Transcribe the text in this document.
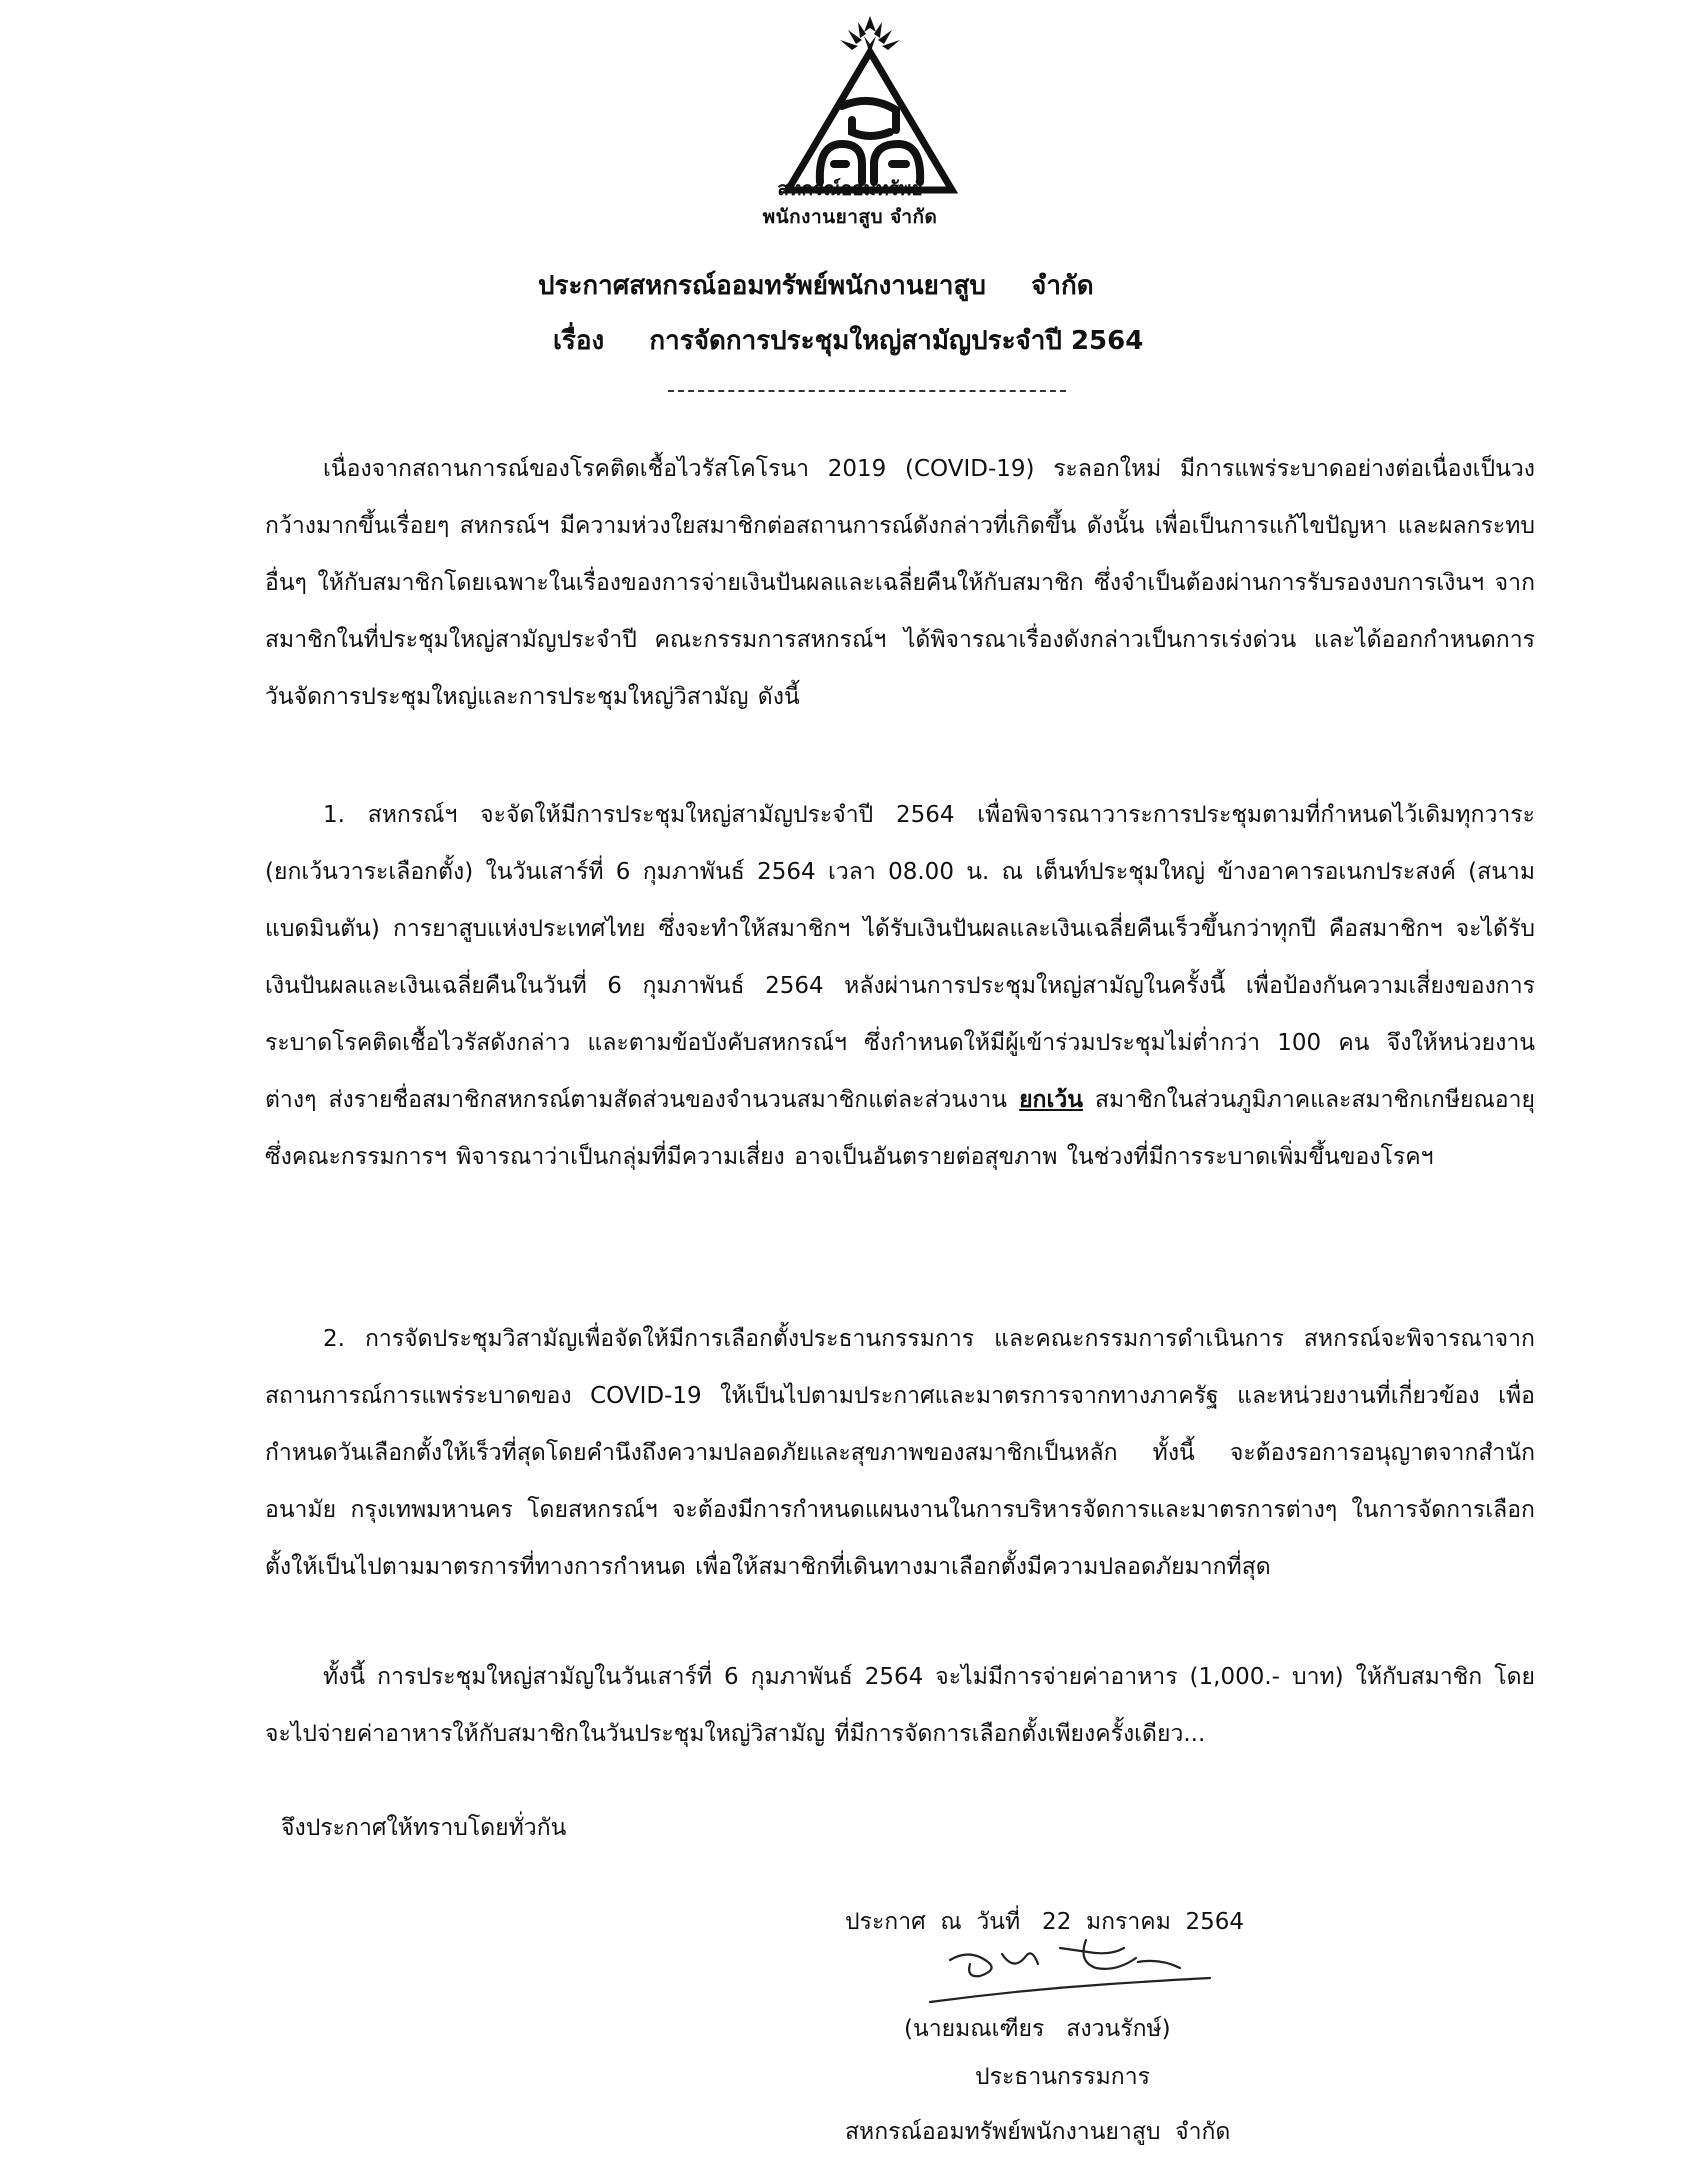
สหกรณ์ออมทรัพย์
พนักงานยาสูบ จำกัด
ประกาศสหกรณ์ออมทรัพย์พนักงานยาสูบ     จำกัด
เรื่อง     การจัดการประชุมใหญ่สามัญประจำปี 2564
เนื่องจากสถานการณ์ของโรคติดเชื้อไวรัสโคโรนา 2019 (COVID-19) ระลอกใหม่ มีการแพร่ระบาดอย่างต่อเนื่องเป็นวงกว้างมากขึ้นเรื่อยๆ สหกรณ์ฯ มีความห่วงใยสมาชิกต่อสถานการณ์ดังกล่าวที่เกิดขึ้น ดังนั้น เพื่อเป็นการแก้ไขปัญหา และผลกระทบอื่นๆ ให้กับสมาชิกโดยเฉพาะในเรื่องของการจ่ายเงินปันผลและเฉลี่ยคืนให้กับสมาชิก ซึ่งจำเป็นต้องผ่านการรับรองงบการเงินฯ จากสมาชิกในที่ประชุมใหญ่สามัญประจำปี คณะกรรมการสหกรณ์ฯ ได้พิจารณาเรื่องดังกล่าวเป็นการเร่งด่วน และได้ออกกำหนดการวันจัดการประชุมใหญ่และการประชุมใหญ่วิสามัญ ดังนี้
1. สหกรณ์ฯ จะจัดให้มีการประชุมใหญ่สามัญประจำปี 2564 เพื่อพิจารณาวาระการประชุมตามที่กำหนดไว้เดิมทุกวาระ (ยกเว้นวาระเลือกตั้ง) ในวันเสาร์ที่ 6 กุมภาพันธ์ 2564 เวลา 08.00 น. ณ เต็นท์ประชุมใหญ่ ข้างอาคารอเนกประสงค์ (สนามแบดมินตัน) การยาสูบแห่งประเทศไทย ซึ่งจะทำให้สมาชิกฯ ได้รับเงินปันผลและเงินเฉลี่ยคืนเร็วขึ้นกว่าทุกปี คือสมาชิกฯ จะได้รับเงินปันผลและเงินเฉลี่ยคืนในวันที่ 6 กุมภาพันธ์ 2564 หลังผ่านการประชุมใหญ่สามัญในครั้งนี้ เพื่อป้องกันความเสี่ยงของการระบาดโรคติดเชื้อไวรัสดังกล่าว และตามข้อบังคับสหกรณ์ฯ ซึ่งกำหนดให้มีผู้เข้าร่วมประชุมไม่ต่ำกว่า 100 คน จึงให้หน่วยงานต่างๆ ส่งรายชื่อสมาชิกสหกรณ์ตามสัดส่วนของจำนวนสมาชิกแต่ละส่วนงาน ยกเว้น สมาชิกในส่วนภูมิภาคและสมาชิกเกษียณอายุ ซึ่งคณะกรรมการฯ พิจารณาว่าเป็นกลุ่มที่มีความเสี่ยง อาจเป็นอันตรายต่อสุขภาพ ในช่วงที่มีการระบาดเพิ่มขึ้นของโรคฯ
2. การจัดประชุมวิสามัญเพื่อจัดให้มีการเลือกตั้งประธานกรรมการ และคณะกรรมการดำเนินการ สหกรณ์จะพิจารณาจากสถานการณ์การแพร่ระบาดของ COVID-19 ให้เป็นไปตามประกาศและมาตรการจากทางภาครัฐ และหน่วยงานที่เกี่ยวข้อง เพื่อกำหนดวันเลือกตั้งให้เร็วที่สุดโดยคำนึงถึงความปลอดภัยและสุขภาพของสมาชิกเป็นหลัก ทั้งนี้ จะต้องรอการอนุญาตจากสำนักอนามัย กรุงเทพมหานคร โดยสหกรณ์ฯ จะต้องมีการกำหนดแผนงานในการบริหารจัดการและมาตรการต่างๆ ในการจัดการเลือกตั้งให้เป็นไปตามมาตรการที่ทางการกำหนด เพื่อให้สมาชิกที่เดินทางมาเลือกตั้งมีความปลอดภัยมากที่สุด
ทั้งนี้ การประชุมใหญ่สามัญในวันเสาร์ที่ 6 กุมภาพันธ์ 2564 จะไม่มีการจ่ายค่าอาหาร (1,000.- บาท) ให้กับสมาชิก โดยจะไปจ่ายค่าอาหารให้กับสมาชิกในวันประชุมใหญ่วิสามัญ ที่มีการจัดการเลือกตั้งเพียงครั้งเดียว...
จึงประกาศให้ทราบโดยทั่วกัน
ประกาศ  ณ  วันที่   22  มกราคม  2564
(นายมณเฑียร   สงวนรักษ์)
ประธานกรรมการ
สหกรณ์ออมทรัพย์พนักงานยาสูบ  จำกัด
